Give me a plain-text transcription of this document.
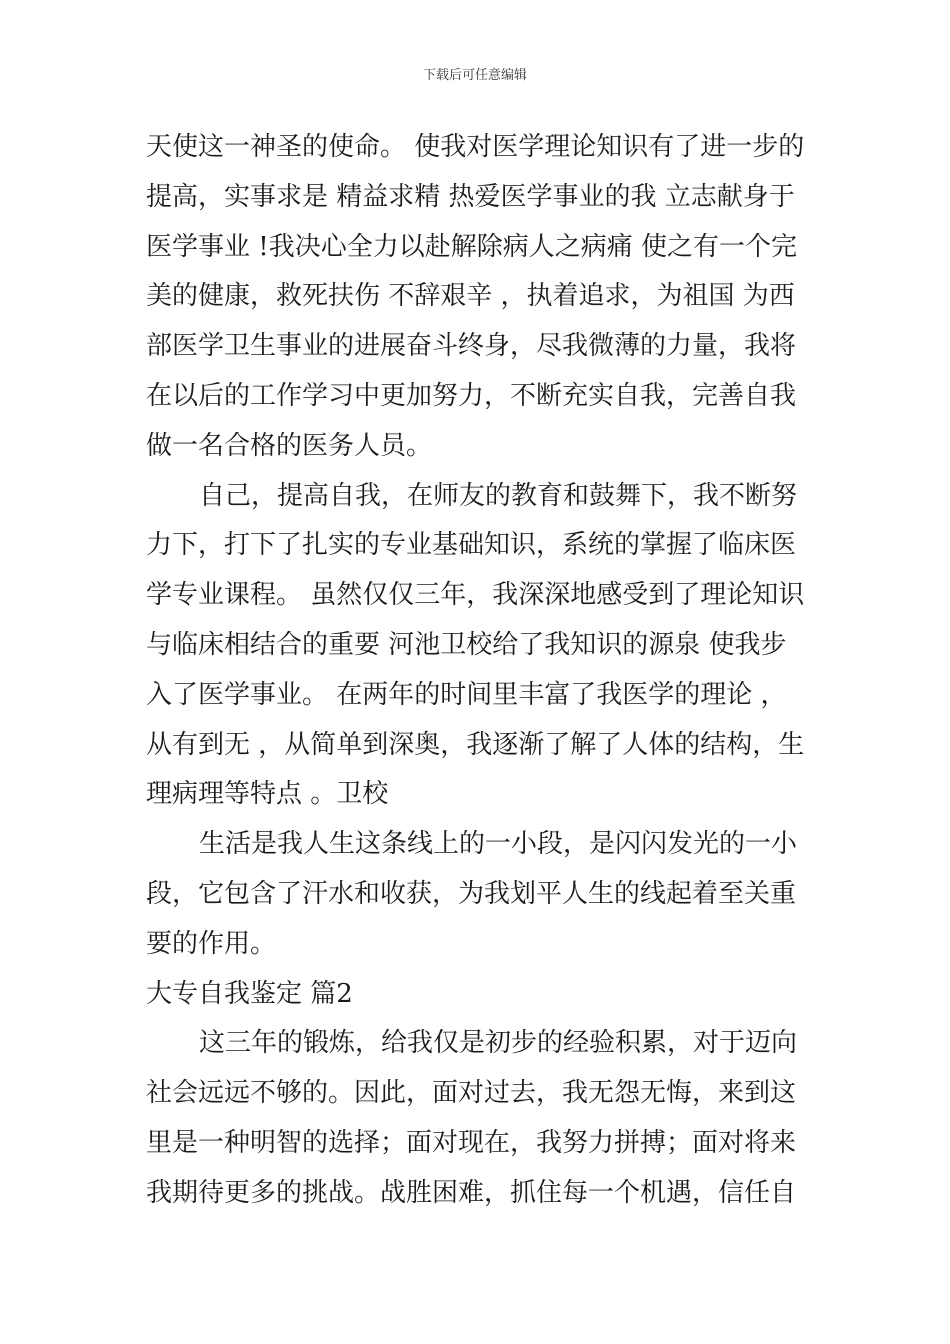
下载后可任意编辑
天使这一神圣的使命。 使我对医学理论知识有了进一步的
提高，实事求是 精益求精 热爱医学事业的我 立志献身于
医学事业 !我决心全力以赴解除病人之病痛 使之有一个完
美的健康，救死扶伤 不辞艰辛 ，执着追求，为祖国 为西
部医学卫生事业的进展奋斗终身，尽我微薄的力量，我将
在以后的工作学习中更加努力，不断充实自我，完善自我
做一名合格的医务人员。
自己，提高自我，在师友的教育和鼓舞下，我不断努
力下，打下了扎实的专业基础知识，系统的掌握了临床医
学专业课程。 虽然仅仅三年，我深深地感受到了理论知识
与临床相结合的重要 河池卫校给了我知识的源泉 使我步
入了医学事业。 在两年的时间里丰富了我医学的理论 ，
从有到无 ，从简单到深奥，我逐渐了解了人体的结构，生
理病理等特点 。卫校
生活是我人生这条线上的一小段，是闪闪发光的一小
段，它包含了汗水和收获，为我划平人生的线起着至关重
要的作用。
大专自我鉴定 篇2
这三年的锻炼，给我仅是初步的经验积累，对于迈向
社会远远不够的。因此，面对过去，我无怨无悔，来到这
里是一种明智的选择；面对现在，我努力拼搏；面对将来
我期待更多的挑战。战胜困难，抓住每一个机遇，信任自
